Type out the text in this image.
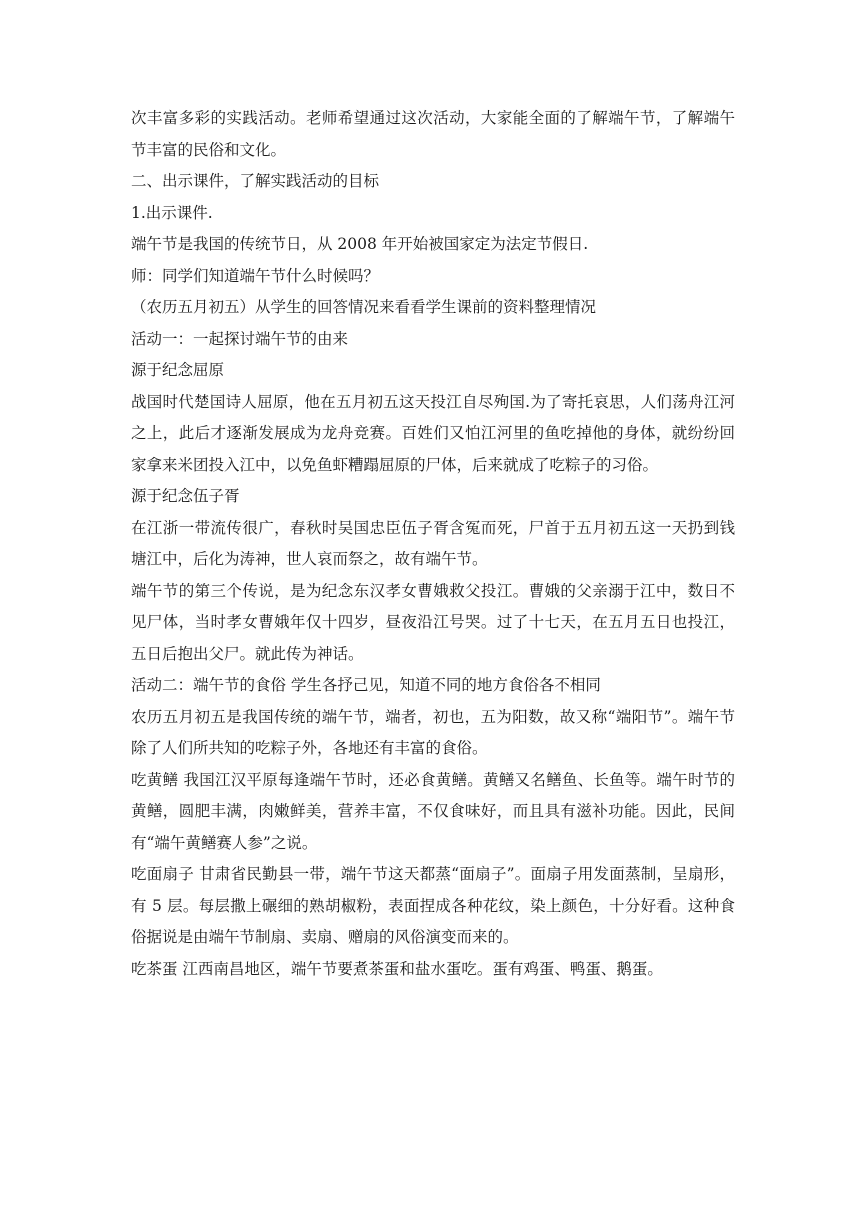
次丰富多彩的实践活动。老师希望通过这次活动，大家能全面的了解端午节，了解端午节丰富的民俗和文化。

二、出示课件，了解实践活动的目标

1.出示课件.

端午节是我国的传统节日，从 2008 年开始被国家定为法定节假日.

师：同学们知道端午节什么时候吗？

（农历五月初五）从学生的回答情况来看看学生课前的资料整理情况

活动一：一起探讨端午节的由来

源于纪念屈原

战国时代楚国诗人屈原，他在五月初五这天投江自尽殉国.为了寄托哀思，人们荡舟江河之上，此后才逐渐发展成为龙舟竞赛。百姓们又怕江河里的鱼吃掉他的身体，就纷纷回家拿来米团投入江中，以免鱼虾糟蹋屈原的尸体，后来就成了吃粽子的习俗。

源于纪念伍子胥

在江浙一带流传很广，春秋时吴国忠臣伍子胥含冤而死，尸首于五月初五这一天扔到钱塘江中，后化为涛神，世人哀而祭之，故有端午节。

端午节的第三个传说，是为纪念东汉孝女曹娥救父投江。曹娥的父亲溺于江中，数日不见尸体，当时孝女曹娥年仅十四岁，昼夜沿江号哭。过了十七天，在五月五日也投江，五日后抱出父尸。就此传为神话。

活动二：端午节的食俗 学生各抒己见，知道不同的地方食俗各不相同

农历五月初五是我国传统的端午节，端者，初也，五为阳数，故又称“端阳节”。端午节除了人们所共知的吃粽子外，各地还有丰富的食俗。

吃黄鳝 我国江汉平原每逢端午节时，还必食黄鳝。黄鳝又名鳝鱼、长鱼等。端午时节的黄鳝，圆肥丰满，肉嫩鲜美，营养丰富，不仅食味好，而且具有滋补功能。因此，民间有“端午黄鳝赛人参”之说。

吃面扇子 甘肃省民勤县一带，端午节这天都蒸“面扇子”。面扇子用发面蒸制，呈扇形，有 5 层。每层撒上碾细的熟胡椒粉，表面捏成各种花纹，染上颜色，十分好看。这种食俗据说是由端午节制扇、卖扇、赠扇的风俗演变而来的。

吃茶蛋 江西南昌地区，端午节要煮茶蛋和盐水蛋吃。蛋有鸡蛋、鸭蛋、鹅蛋。
